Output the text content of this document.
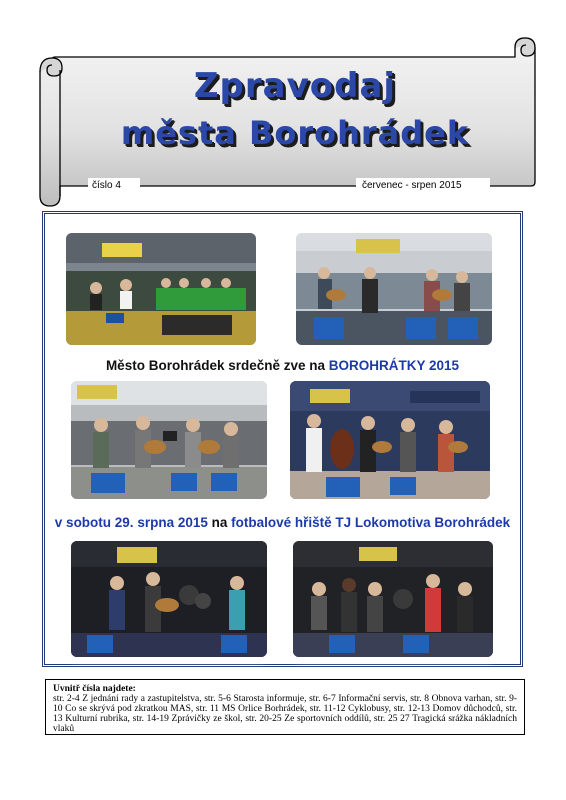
Zpravodaj
města Borohrádek
číslo 4	červenec - srpen 2015
Město Borohrádek srdečně zve na BOROHRÁTKY 2015
v sobotu 29. srpna 2015 na fotbalové hřiště TJ Lokomotiva Borohrádek
Uvnitř čísla najdete:
str. 2-4 Z jednání rady a zastupitelstva, str. 5-6 Starosta informuje, str. 6-7 Informační servis, str. 8 Obnova varhan, str. 9-10 Co se skrývá pod zkratkou MAS, str. 11 MS Orlice Borhrádek, str. 11-12 Cyklobusy, str. 12-13 Domov důchodců, str. 13 Kulturní rubrika, str. 14-19 Zprávičky ze škol, str. 20-25 Ze sportovních oddílů, str. 25 27 Tragická srážka nákladních vlaků
